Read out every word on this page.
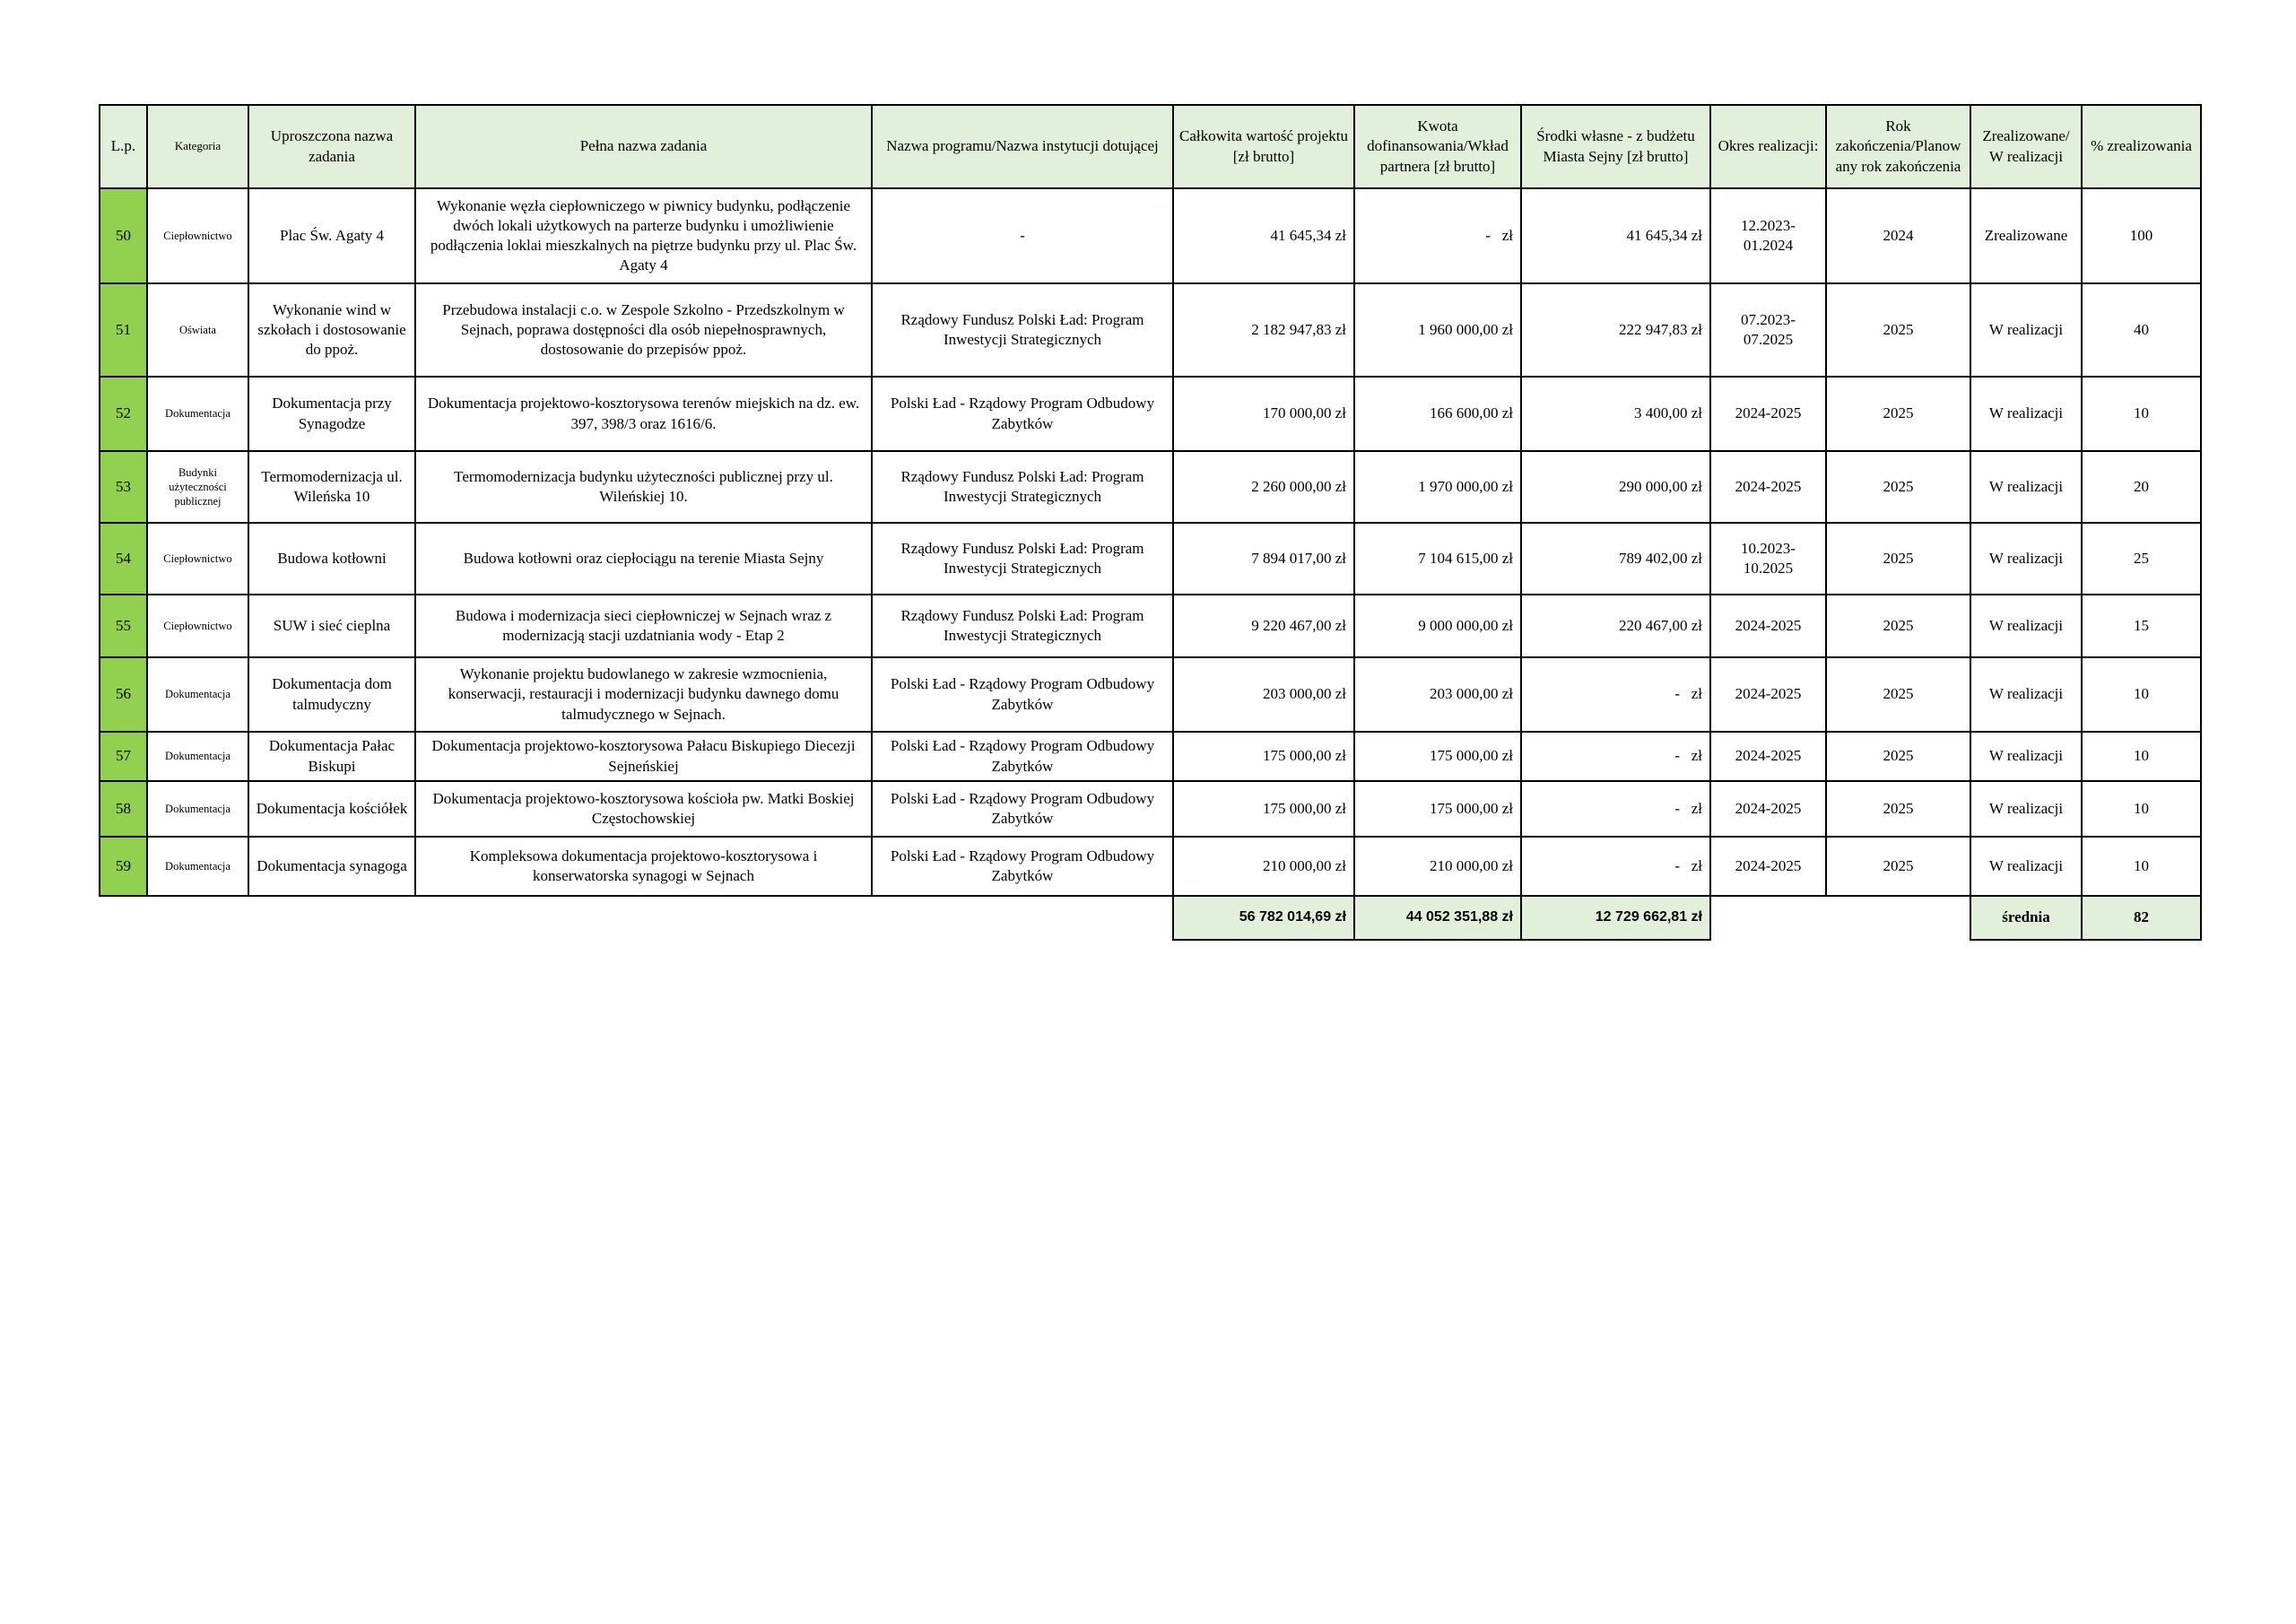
L.p.	Kategoria	Uproszczona nazwa zadania	Pełna nazwa zadania	Nazwa programu/Nazwa instytucji dotującej	Całkowita wartość projektu [zł brutto]	Kwota dofinansowania/Wkład partnera [zł brutto]	Środki własne - z budżetu Miasta Sejny [zł brutto]	Okres realizacji:	Rok zakończenia/Planow any rok zakończenia	Zrealizowane/ W realizacji	% zrealizowania
50	Ciepłownictwo	Plac Św. Agaty 4	Wykonanie węzła ciepłowniczego w piwnicy budynku, podłączenie dwóch lokali użytkowych na parterze budynku i umożliwienie podłączenia loklai mieszkalnych na piętrze budynku przy ul. Plac Św. Agaty 4	-	41 645,34 zł	-   zł	41 645,34 zł	12.2023-01.2024	2024	Zrealizowane	100
51	Oświata	Wykonanie wind w szkołach i dostosowanie do ppoż.	Przebudowa instalacji c.o. w Zespole Szkolno - Przedszkolnym w Sejnach, poprawa dostępności dla osób niepełnosprawnych, dostosowanie do przepisów ppoż.	Rządowy Fundusz Polski Ład: Program Inwestycji Strategicznych	2 182 947,83 zł	1 960 000,00 zł	222 947,83 zł	07.2023-07.2025	2025	W realizacji	40
52	Dokumentacja	Dokumentacja przy Synagodze	Dokumentacja projektowo-kosztorysowa terenów miejskich na dz. ew. 397, 398/3 oraz 1616/6.	Polski Ład - Rządowy Program Odbudowy Zabytków	170 000,00 zł	166 600,00 zł	3 400,00 zł	2024-2025	2025	W realizacji	10
53	Budynki użyteczności publicznej	Termomodernizacja ul. Wileńska 10	Termomodernizacja budynku użyteczności publicznej przy ul. Wileńskiej 10.	Rządowy Fundusz Polski Ład: Program Inwestycji Strategicznych	2 260 000,00 zł	1 970 000,00 zł	290 000,00 zł	2024-2025	2025	W realizacji	20
54	Ciepłownictwo	Budowa kotłowni	Budowa kotłowni oraz ciepłociągu na terenie Miasta Sejny	Rządowy Fundusz Polski Ład: Program Inwestycji Strategicznych	7 894 017,00 zł	7 104 615,00 zł	789 402,00 zł	10.2023-10.2025	2025	W realizacji	25
55	Ciepłownictwo	SUW i sieć cieplna	Budowa i modernizacja sieci ciepłowniczej w Sejnach wraz z modernizacją stacji uzdatniania wody - Etap 2	Rządowy Fundusz Polski Ład: Program Inwestycji Strategicznych	9 220 467,00 zł	9 000 000,00 zł	220 467,00 zł	2024-2025	2025	W realizacji	15
56	Dokumentacja	Dokumentacja dom talmudyczny	Wykonanie projektu budowlanego w zakresie wzmocnienia, konserwacji, restauracji i modernizacji budynku dawnego domu talmudycznego w Sejnach.	Polski Ład - Rządowy Program Odbudowy Zabytków	203 000,00 zł	203 000,00 zł	-   zł	2024-2025	2025	W realizacji	10
57	Dokumentacja	Dokumentacja Pałac Biskupi	Dokumentacja projektowo-kosztorysowa Pałacu Biskupiego Diecezji Sejneńskiej	Polski Ład - Rządowy Program Odbudowy Zabytków	175 000,00 zł	175 000,00 zł	-   zł	2024-2025	2025	W realizacji	10
58	Dokumentacja	Dokumentacja kościółek	Dokumentacja projektowo-kosztorysowa kościoła pw. Matki Boskiej Częstochowskiej	Polski Ład - Rządowy Program Odbudowy Zabytków	175 000,00 zł	175 000,00 zł	-   zł	2024-2025	2025	W realizacji	10
59	Dokumentacja	Dokumentacja synagoga	Kompleksowa dokumentacja projektowo-kosztorysowa i konserwatorska synagogi w Sejnach	Polski Ład - Rządowy Program Odbudowy Zabytków	210 000,00 zł	210 000,00 zł	-   zł	2024-2025	2025	W realizacji	10
					56 782 014,69 zł	44 052 351,88 zł	12 729 662,81 zł			średnia	82
